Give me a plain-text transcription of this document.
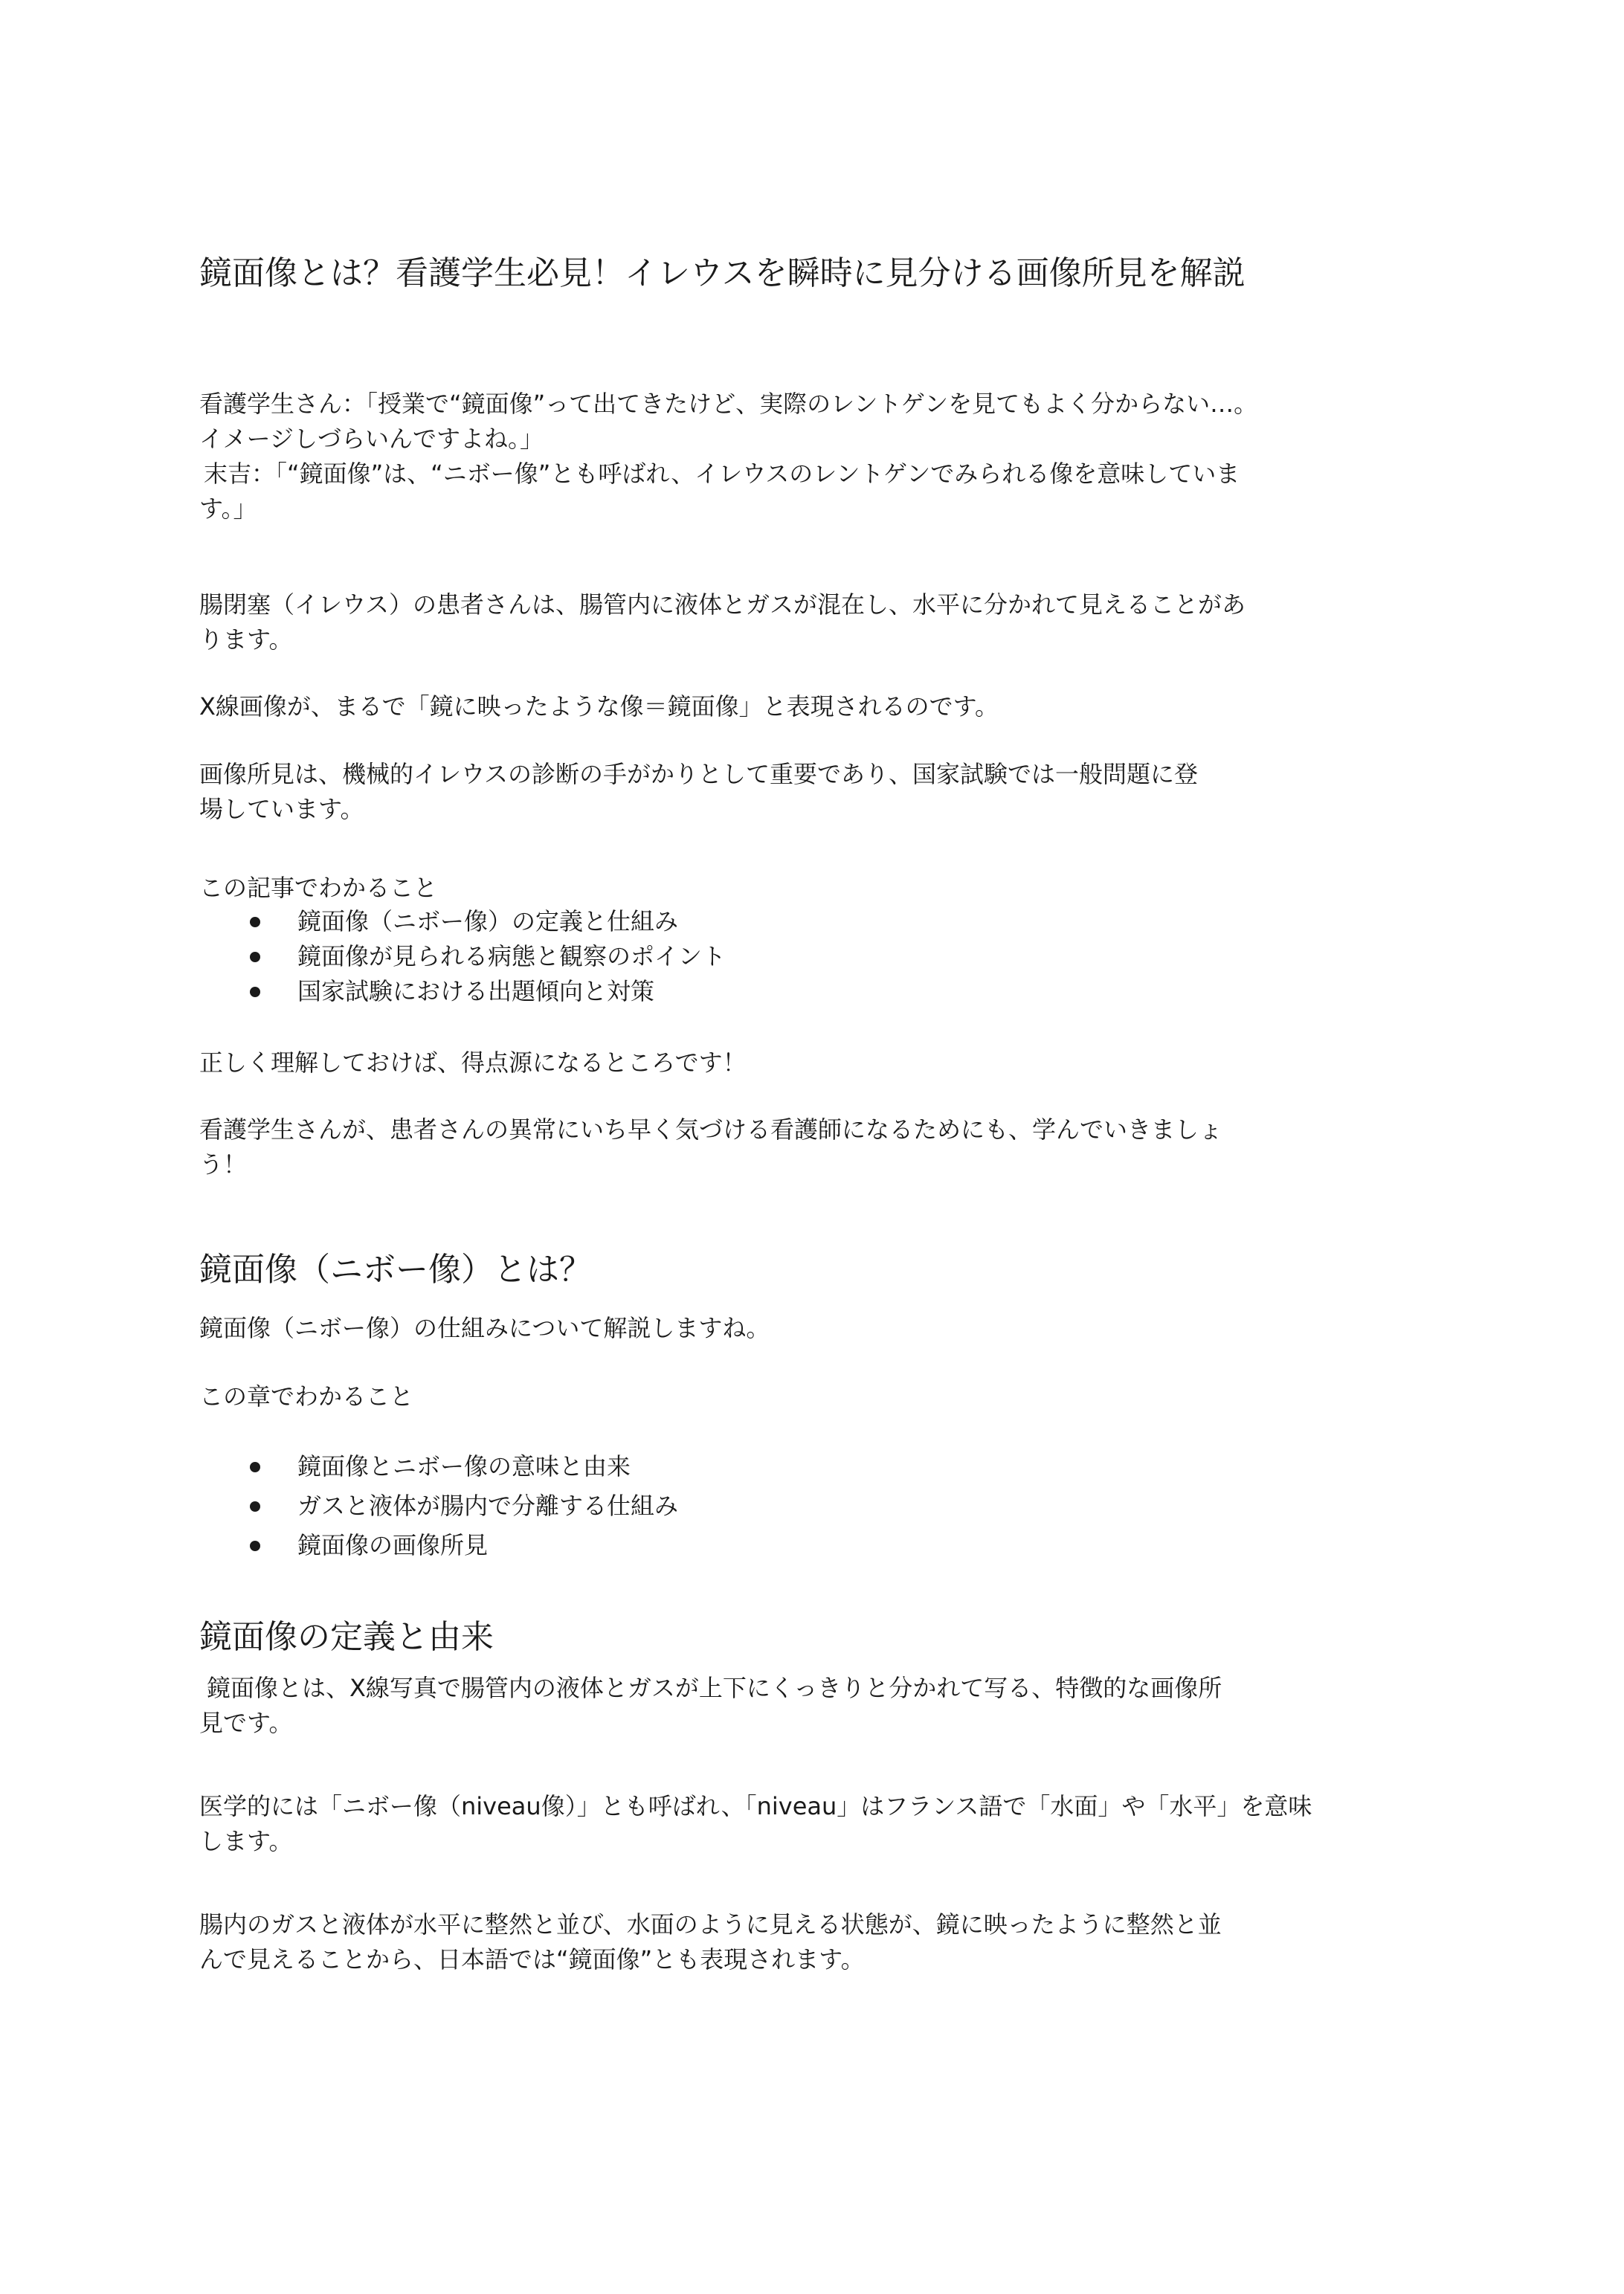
鏡面像とは？看護学生必見！イレウスを瞬時に見分ける画像所見を解説

看護学生さん：「授業で“鏡面像”って出てきたけど、実際のレントゲンを見てもよく分からない…。

イメージしづらいんですよね。」

末吉：「“鏡面像”は、“ニボー像”とも呼ばれ、イレウスのレントゲンでみられる像を意味していま

す。」

腸閉塞（イレウス）の患者さんは、腸管内に液体とガスが混在し、水平に分かれて見えることがあ

ります。

X線画像が、まるで「鏡に映ったような像＝鏡面像」と表現されるのです。

画像所見は、機械的イレウスの診断の手がかりとして重要であり、国家試験では一般問題に登

場しています。

この記事でわかること

鏡面像（ニボー像）の定義と仕組み
鏡面像が見られる病態と観察のポイント
国家試験における出題傾向と対策

正しく理解しておけば、得点源になるところです！

看護学生さんが、患者さんの異常にいち早く気づける看護師になるためにも、学んでいきましょ

う！

鏡面像（ニボー像）とは？

鏡面像（ニボー像）の仕組みについて解説しますね。

この章でわかること

鏡面像とニボー像の意味と由来
ガスと液体が腸内で分離する仕組み
鏡面像の画像所見
鏡面像の定義と由来

鏡面像とは、X線写真で腸管内の液体とガスが上下にくっきりと分かれて写る、特徴的な画像所

見です。

医学的には「ニボー像（niveau像）」とも呼ばれ、「niveau」はフランス語で「水面」や「水平」を意味

します。

腸内のガスと液体が水平に整然と並び、水面のように見える状態が、鏡に映ったように整然と並

んで見えることから、日本語では“鏡面像”とも表現されます。
